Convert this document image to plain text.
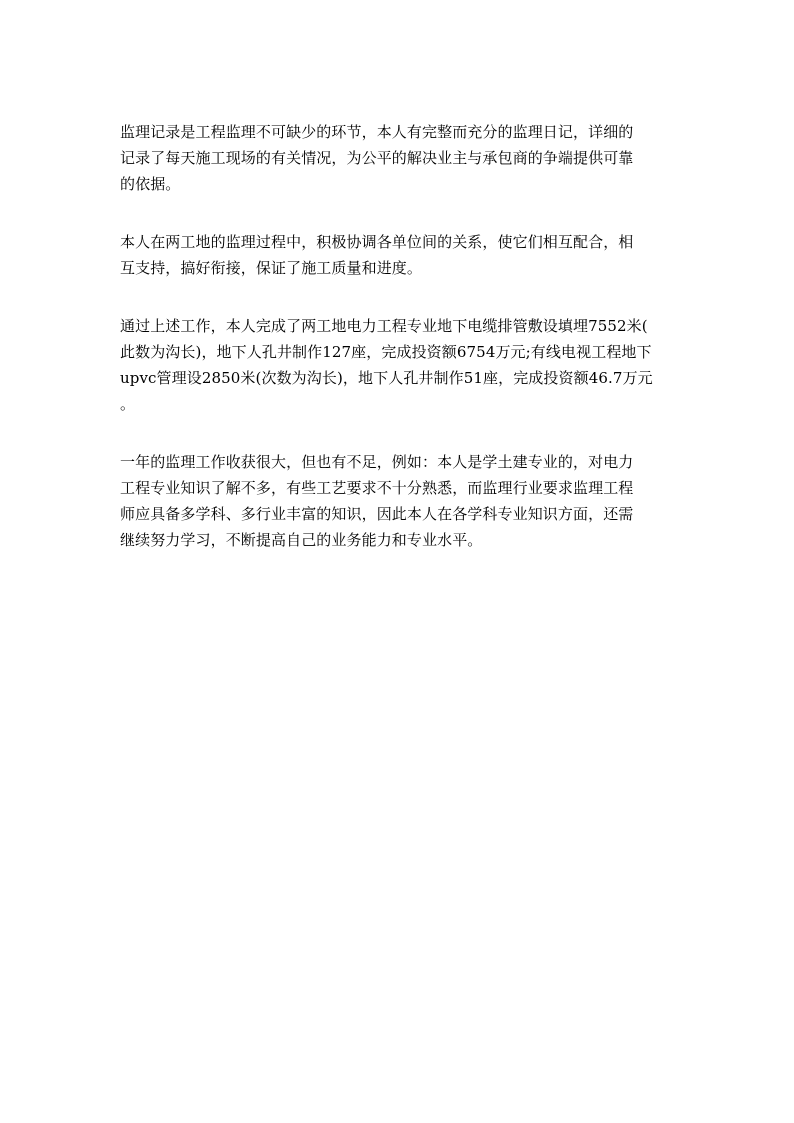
监理记录是工程监理不可缺少的环节，本人有完整而充分的监理日记，详细的
记录了每天施工现场的有关情况，为公平的解决业主与承包商的争端提供可靠
的依据。

本人在两工地的监理过程中，积极协调各单位间的关系，使它们相互配合，相
互支持，搞好衔接，保证了施工质量和进度。

通过上述工作，本人完成了两工地电力工程专业地下电缆排管敷设填埋7552米(
此数为沟长)，地下人孔井制作127座，完成投资额6754万元;有线电视工程地下
upvc管理设2850米(次数为沟长)，地下人孔井制作51座，完成投资额46.7万元
。

一年的监理工作收获很大，但也有不足，例如：本人是学土建专业的，对电力
工程专业知识了解不多，有些工艺要求不十分熟悉，而监理行业要求监理工程
师应具备多学科、多行业丰富的知识，因此本人在各学科专业知识方面，还需
继续努力学习，不断提高自己的业务能力和专业水平。
